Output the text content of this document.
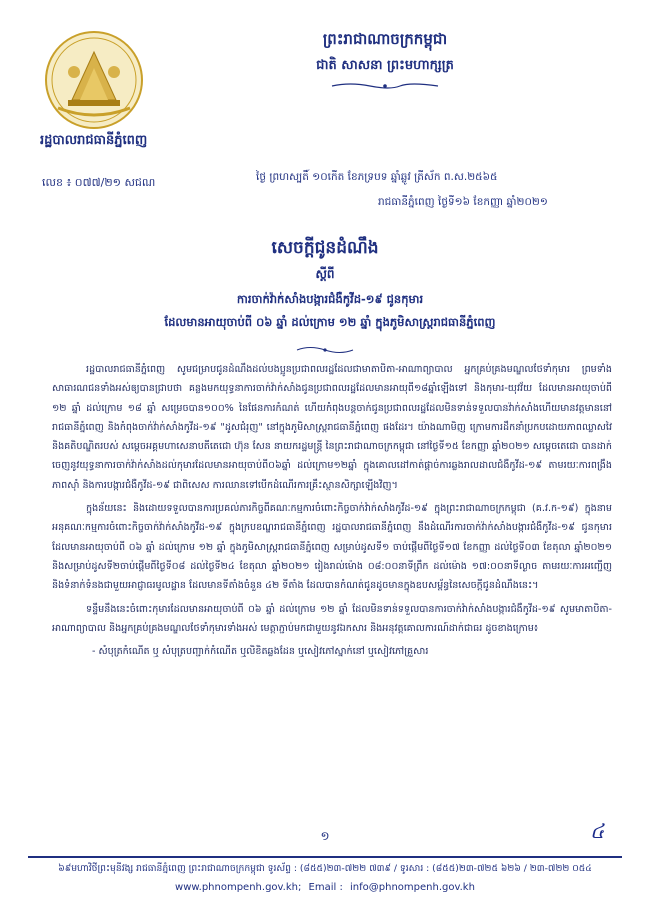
ព្រះរាជាណាចក្រកម្ពុជា
ជាតិ សាសនា ព្រះមហាក្សត្រ
រដ្ឋបាលរាជធានីភ្នំពេញ
លេខ ៖ ០៧៧/២១ សជណ	ថ្ងៃ ព្រហស្បតិ៍ ១០កើត ខែភទ្របទ ឆ្នាំឆ្លូវ ត្រីស័ក ព.ស.២៥៦៥
រាជធានីភ្នំពេញ ថ្ងៃទី១៦ ខែកញ្ញា ឆ្នាំ២០២១
សេចក្តីជូនដំណឹង
ស្តីពី
ការចាក់វ៉ាក់សាំងបង្ការជំងឺកូវីដ-១៩ ជូនកុមារ
ដែលមានអាយុចាប់ពី ០៦ ឆ្នាំ ដល់ក្រោម ១២ ឆ្នាំ ក្នុងភូមិសាស្ត្ររាជធានីភ្នំពេញ

រដ្ឋបាលរាជធានីភ្នំពេញ សូមជម្រាបជូនដំណឹងដល់បងប្អូនប្រជាពលរដ្ឋដែលជាមាតាបិតា-អាណាព្យាបាល អ្នកគ្រប់គ្រងមណ្ឌលថែទាំកុមារ ព្រមទាំងសាធារណជនទាំងអស់ឲ្យបានជ្រាបថា គន្លងមកយុទ្ធនាការចាក់វ៉ាក់សាំងជូនប្រជាពលរដ្ឋដែលមានអាយុពី១៨ឆ្នាំឡើងទៅ និងកុមារ-យុវវ័យ ដែលមានអាយុចាប់ពី ១២ ឆ្នាំ ដល់ក្រោម ១៨ ឆ្នាំ សម្រេចបាន១០០% នៃផែនការកំណត់ ហើយកំពុងបន្តចាក់ជូនប្រជាពលរដ្ឋដែលមិនទាន់ទទួលបានវ៉ាក់សាំងហើយមានវត្តមាននៅរាជធានីភ្នំពេញ និងកំពុងចាក់វ៉ាក់សាំងកូវីដ-១៩ "ដូសជំរុញ" នៅក្នុងភូមិសាស្ត្ររាជធានីភ្នំពេញ ផងដែរ។ យ៉ាងណាមិញ ក្រោមការដឹកនាំប្រកបដោយភាពឈ្លាសវៃ និងគតិបណ្ឌិតរបស់ សម្តេចអគ្គមហាសេនាបតីតេជោ ហ៊ុន សែន នាយករដ្ឋមន្ត្រី នៃព្រះរាជាណាចក្រកម្ពុជា នៅថ្ងៃទី១៥ ខែកញ្ញា ឆ្នាំ២០២១ សម្តេចតេជោ បានដាក់ចេញនូវយុទ្ធនាការចាក់វ៉ាក់សាំងដល់កុមារដែលមានអាយុចាប់ពី០៦ឆ្នាំ ដល់ក្រោម១២ឆ្នាំ ក្នុងគោលដៅកាត់ផ្តាច់ការឆ្លងរាលដាលជំងឺកូវីដ-១៩ តាមរយៈការពង្រឹងភាពស៊ាំ និងការបង្ការជំងឺកូវីដ-១៩ ជាពិសេស ការឈានទៅបើកដំណើរការគ្រឹះស្ថានសិក្សាឡើងវិញ។

ក្នុងន័យនេះ និងដោយទទួលបានការប្រគល់ភារកិច្ចពីគណៈកម្មការចំពោះកិច្ចចាក់វ៉ាក់សាំងកូវីដ-១៩ ក្នុងព្រះរាជាណាចក្រកម្ពុជា (គ.វ.ក-១៩) ក្នុងនាមអនុគណៈកម្មការចំពោះកិច្ចចាក់វ៉ាក់សាំងកូវីដ-១៩ ក្នុងក្របខណ្ឌរាជធានីភ្នំពេញ រដ្ឋបាលរាជធានីភ្នំពេញ នឹងដំណើរការចាក់វ៉ាក់សាំងបង្ការជំងឺកូវីដ-១៩ ជូនកុមារដែលមានអាយុចាប់ពី ០៦ ឆ្នាំ ដល់ក្រោម ១២ ឆ្នាំ ក្នុងភូមិសាស្ត្ររាជធានីភ្នំពេញ សម្រាប់ដូសទី១ ចាប់ផ្តើមពីថ្ងៃទី១៧ ខែកញ្ញា ដល់ថ្ងៃទី០៣ ខែតុលា ឆ្នាំ២០២១ និងសម្រាប់ដូសទី២ចាប់ផ្តើមពីថ្ងៃទី០៨ ដល់ថ្ងៃទី២៤ ខែតុលា ឆ្នាំ២០២១ រៀងរាល់ម៉ោង ០៨:០០នាទីព្រឹក ដល់ម៉ោង ១៧:០០នាទីល្ងាច តាមរយៈការអញ្ជើញ និងទំនាក់ទំនងជាមួយអាជ្ញាធរមូលដ្ឋាន ដែលមានទីតាំងចំនួន ៤២ ទីតាំង ដែលបានកំណត់ជូនដូចមានក្នុងឧបសម្ព័ន្ធនៃសេចក្តីជូនដំណឹងនេះ។

ទន្ទឹមនឹងនេះចំពោះកុមារដែលមានអាយុចាប់ពី ០៦ ឆ្នាំ ដល់ក្រោម ១២ ឆ្នាំ ដែលមិនទាន់ទទួលបានការចាក់វ៉ាក់សាំងបង្ការជំងឺកូវីដ-១៩ សូមមាតាបិតា-អាណាព្យាបាល និងអ្នកគ្រប់គ្រងមណ្ឌលថែទាំកុមារទាំងអស់ មេត្តាភ្ជាប់មកជាមួយនូវឯកសារ និងអនុវត្តគោលការណ៍ដាក់ជាធរ ដូចខាងក្រោម៖

- សំបុត្រកំណើត ឬ សំបុត្របញ្ជាក់កំណើត ឬលិខិតឆ្លងដែន ឬសៀវភៅស្នាក់នៅ ឬសៀវភៅគ្រួសារ

១	៤
៦៩មហាវិថីព្រះមុនីវង្ស រាជធានីភ្នំពេញ ព្រះរាជាណាចក្រកម្ពុជា ទូរស័ព្ទ : (៨៥៥)២៣-៧២២ ៧៣៩ / ទូរសារ : (៨៥៥)២៣-៧២៥ ៦២៦ / ២៣-៧២២ ០៥៤
www.phnompenh.gov.kh; Email : info@phnompenh.gov.kh
